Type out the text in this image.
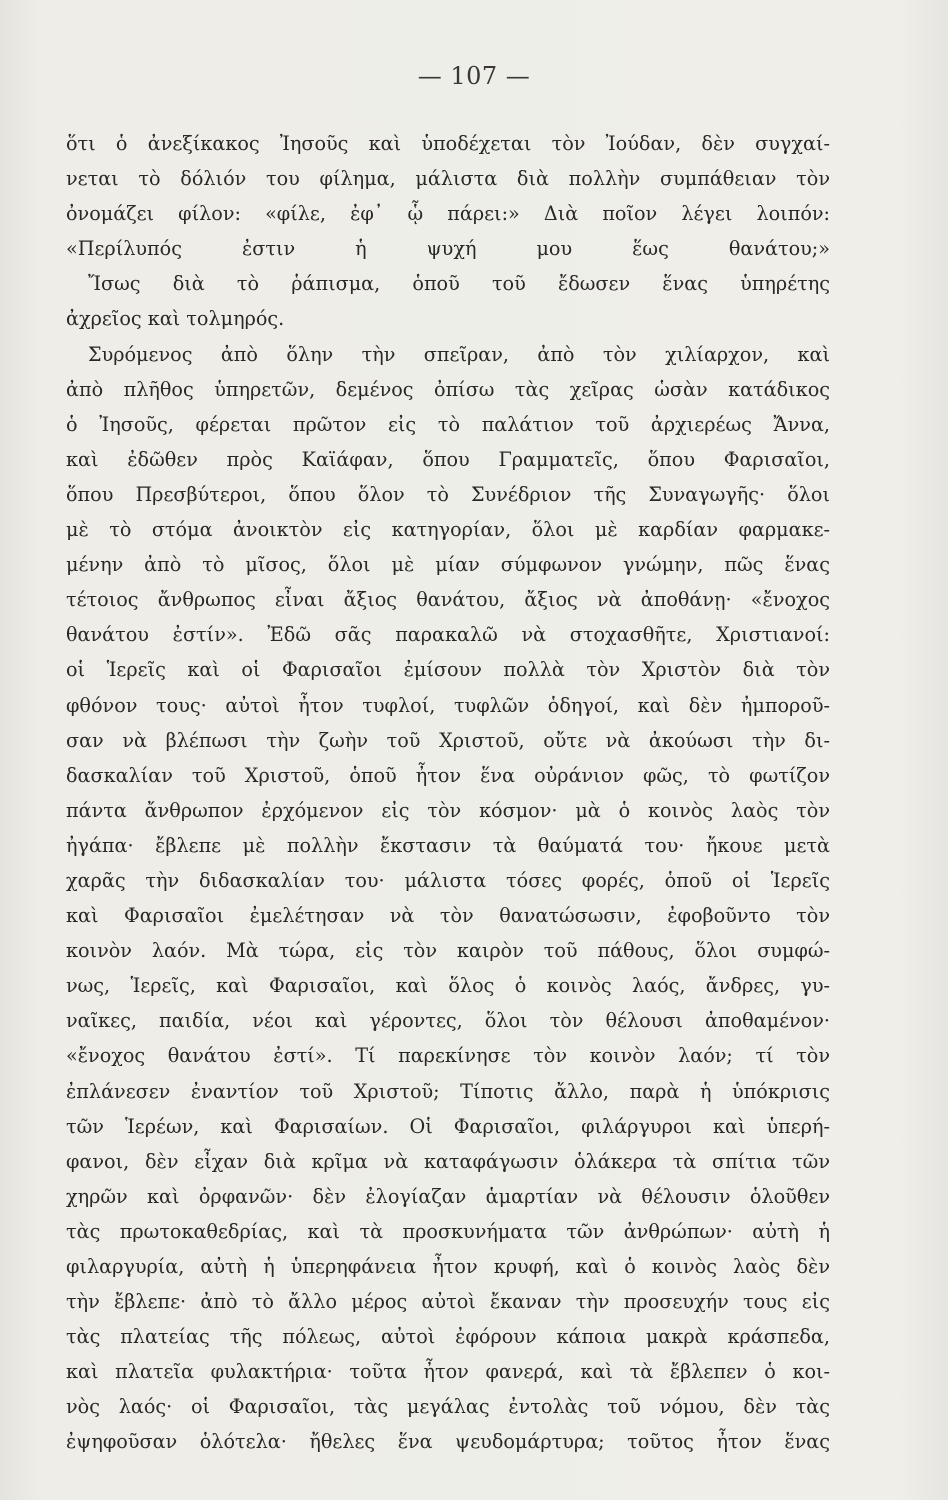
— 107 —
ὅτι ὁ ἀνεξίκακος Ἰησοῦς καὶ ὑποδέχεται τὸν Ἰούδαν, δὲν συγχαί-
νεται τὸ δόλιόν του φίλημα, μάλιστα διὰ πολλὴν συμπάθειαν τὸν
ὀνομάζει φίλον: «φίλε, ἐφ᾽ ᾧ πάρει:» Διὰ ποῖον λέγει λοιπόν:
«Περίλυπός ἐστιν ἡ ψυχή μου ἕως θανάτου;»
Ἴσως διὰ τὸ ῥάπισμα, ὁποῦ τοῦ ἔδωσεν ἕνας ὑπηρέτης
ἀχρεῖος καὶ τολμηρός.
Συρόμενος ἀπὸ ὅλην τὴν σπεῖραν, ἀπὸ τὸν χιλίαρχον, καὶ
ἀπὸ πλῆθος ὑπηρετῶν, δεμένος ὀπίσω τὰς χεῖρας ὡσὰν κατάδικος
ὁ Ἰησοῦς, φέρεται πρῶτον εἰς τὸ παλάτιον τοῦ ἀρχιερέως Ἄννα,
καὶ ἐδῶθεν πρὸς Καϊάφαν, ὅπου Γραμματεῖς, ὅπου Φαρισαῖοι,
ὅπου Πρεσβύτεροι, ὅπου ὅλον τὸ Συνέδριον τῆς Συναγωγῆς· ὅλοι
μὲ τὸ στόμα ἀνοικτὸν εἰς κατηγορίαν, ὅλοι μὲ καρδίαν φαρμακε-
μένην ἀπὸ τὸ μῖσος, ὅλοι μὲ μίαν σύμφωνον γνώμην, πῶς ἕνας
τέτοιος ἄνθρωπος εἶναι ἄξιος θανάτου, ἄξιος νὰ ἀποθάνῃ· «ἔνοχος
θανάτου ἐστίν». Ἐδῶ σᾶς παρακαλῶ νὰ στοχασθῆτε, Χριστιανοί:
οἱ Ἱερεῖς καὶ οἱ Φαρισαῖοι ἐμίσουν πολλὰ τὸν Χριστὸν διὰ τὸν
φθόνον τους· αὐτοὶ ἦτον τυφλοί, τυφλῶν ὁδηγοί, καὶ δὲν ἠμποροῦ-
σαν νὰ βλέπωσι τὴν ζωὴν τοῦ Χριστοῦ, οὔτε νὰ ἀκούωσι τὴν δι-
δασκαλίαν τοῦ Χριστοῦ, ὁποῦ ἦτον ἕνα οὐράνιον φῶς, τὸ φωτίζον
πάντα ἄνθρωπον ἐρχόμενον εἰς τὸν κόσμον· μὰ ὁ κοινὸς λαὸς τὸν
ἠγάπα· ἔβλεπε μὲ πολλὴν ἔκστασιν τὰ θαύματά του· ἤκουε μετὰ
χαρᾶς τὴν διδασκαλίαν του· μάλιστα τόσες φορές, ὁποῦ οἱ Ἱερεῖς
καὶ Φαρισαῖοι ἐμελέτησαν νὰ τὸν θανατώσωσιν, ἐφοβοῦντο τὸν
κοινὸν λαόν. Μὰ τώρα, εἰς τὸν καιρὸν τοῦ πάθους, ὅλοι συμφώ-
νως, Ἱερεῖς, καὶ Φαρισαῖοι, καὶ ὅλος ὁ κοινὸς λαός, ἄνδρες, γυ-
ναῖκες, παιδία, νέοι καὶ γέροντες, ὅλοι τὸν θέλουσι ἀποθαμένον·
«ἔνοχος θανάτου ἐστί». Τί παρεκίνησε τὸν κοινὸν λαόν; τί τὸν
ἐπλάνεσεν ἐναντίον τοῦ Χριστοῦ; Τίποτις ἄλλο, παρὰ ἡ ὑπόκρισις
τῶν Ἱερέων, καὶ Φαρισαίων. Οἱ Φαρισαῖοι, φιλάργυροι καὶ ὑπερή-
φανοι, δὲν εἶχαν διὰ κρῖμα νὰ καταφάγωσιν ὁλάκερα τὰ σπίτια τῶν
χηρῶν καὶ ὀρφανῶν· δὲν ἐλογίαζαν ἁμαρτίαν νὰ θέλουσιν ὁλοῦθεν
τὰς πρωτοκαθεδρίας, καὶ τὰ προσκυνήματα τῶν ἀνθρώπων· αὐτὴ ἡ
φιλαργυρία, αὐτὴ ἡ ὑπερηφάνεια ἦτον κρυφή, καὶ ὁ κοινὸς λαὸς δὲν
τὴν ἔβλεπε· ἀπὸ τὸ ἄλλο μέρος αὐτοὶ ἔκαναν τὴν προσευχήν τους εἰς
τὰς πλατείας τῆς πόλεως, αὐτοὶ ἐφόρουν κάποια μακρὰ κράσπεδα,
καὶ πλατεῖα φυλακτήρια· τοῦτα ἦτον φανερά, καὶ τὰ ἔβλεπεν ὁ κοι-
νὸς λαός· οἱ Φαρισαῖοι, τὰς μεγάλας ἐντολὰς τοῦ νόμου, δὲν τὰς
ἐψηφοῦσαν ὁλότελα· ἤθελες ἕνα ψευδομάρτυρα; τοῦτος ἦτον ἕνας
